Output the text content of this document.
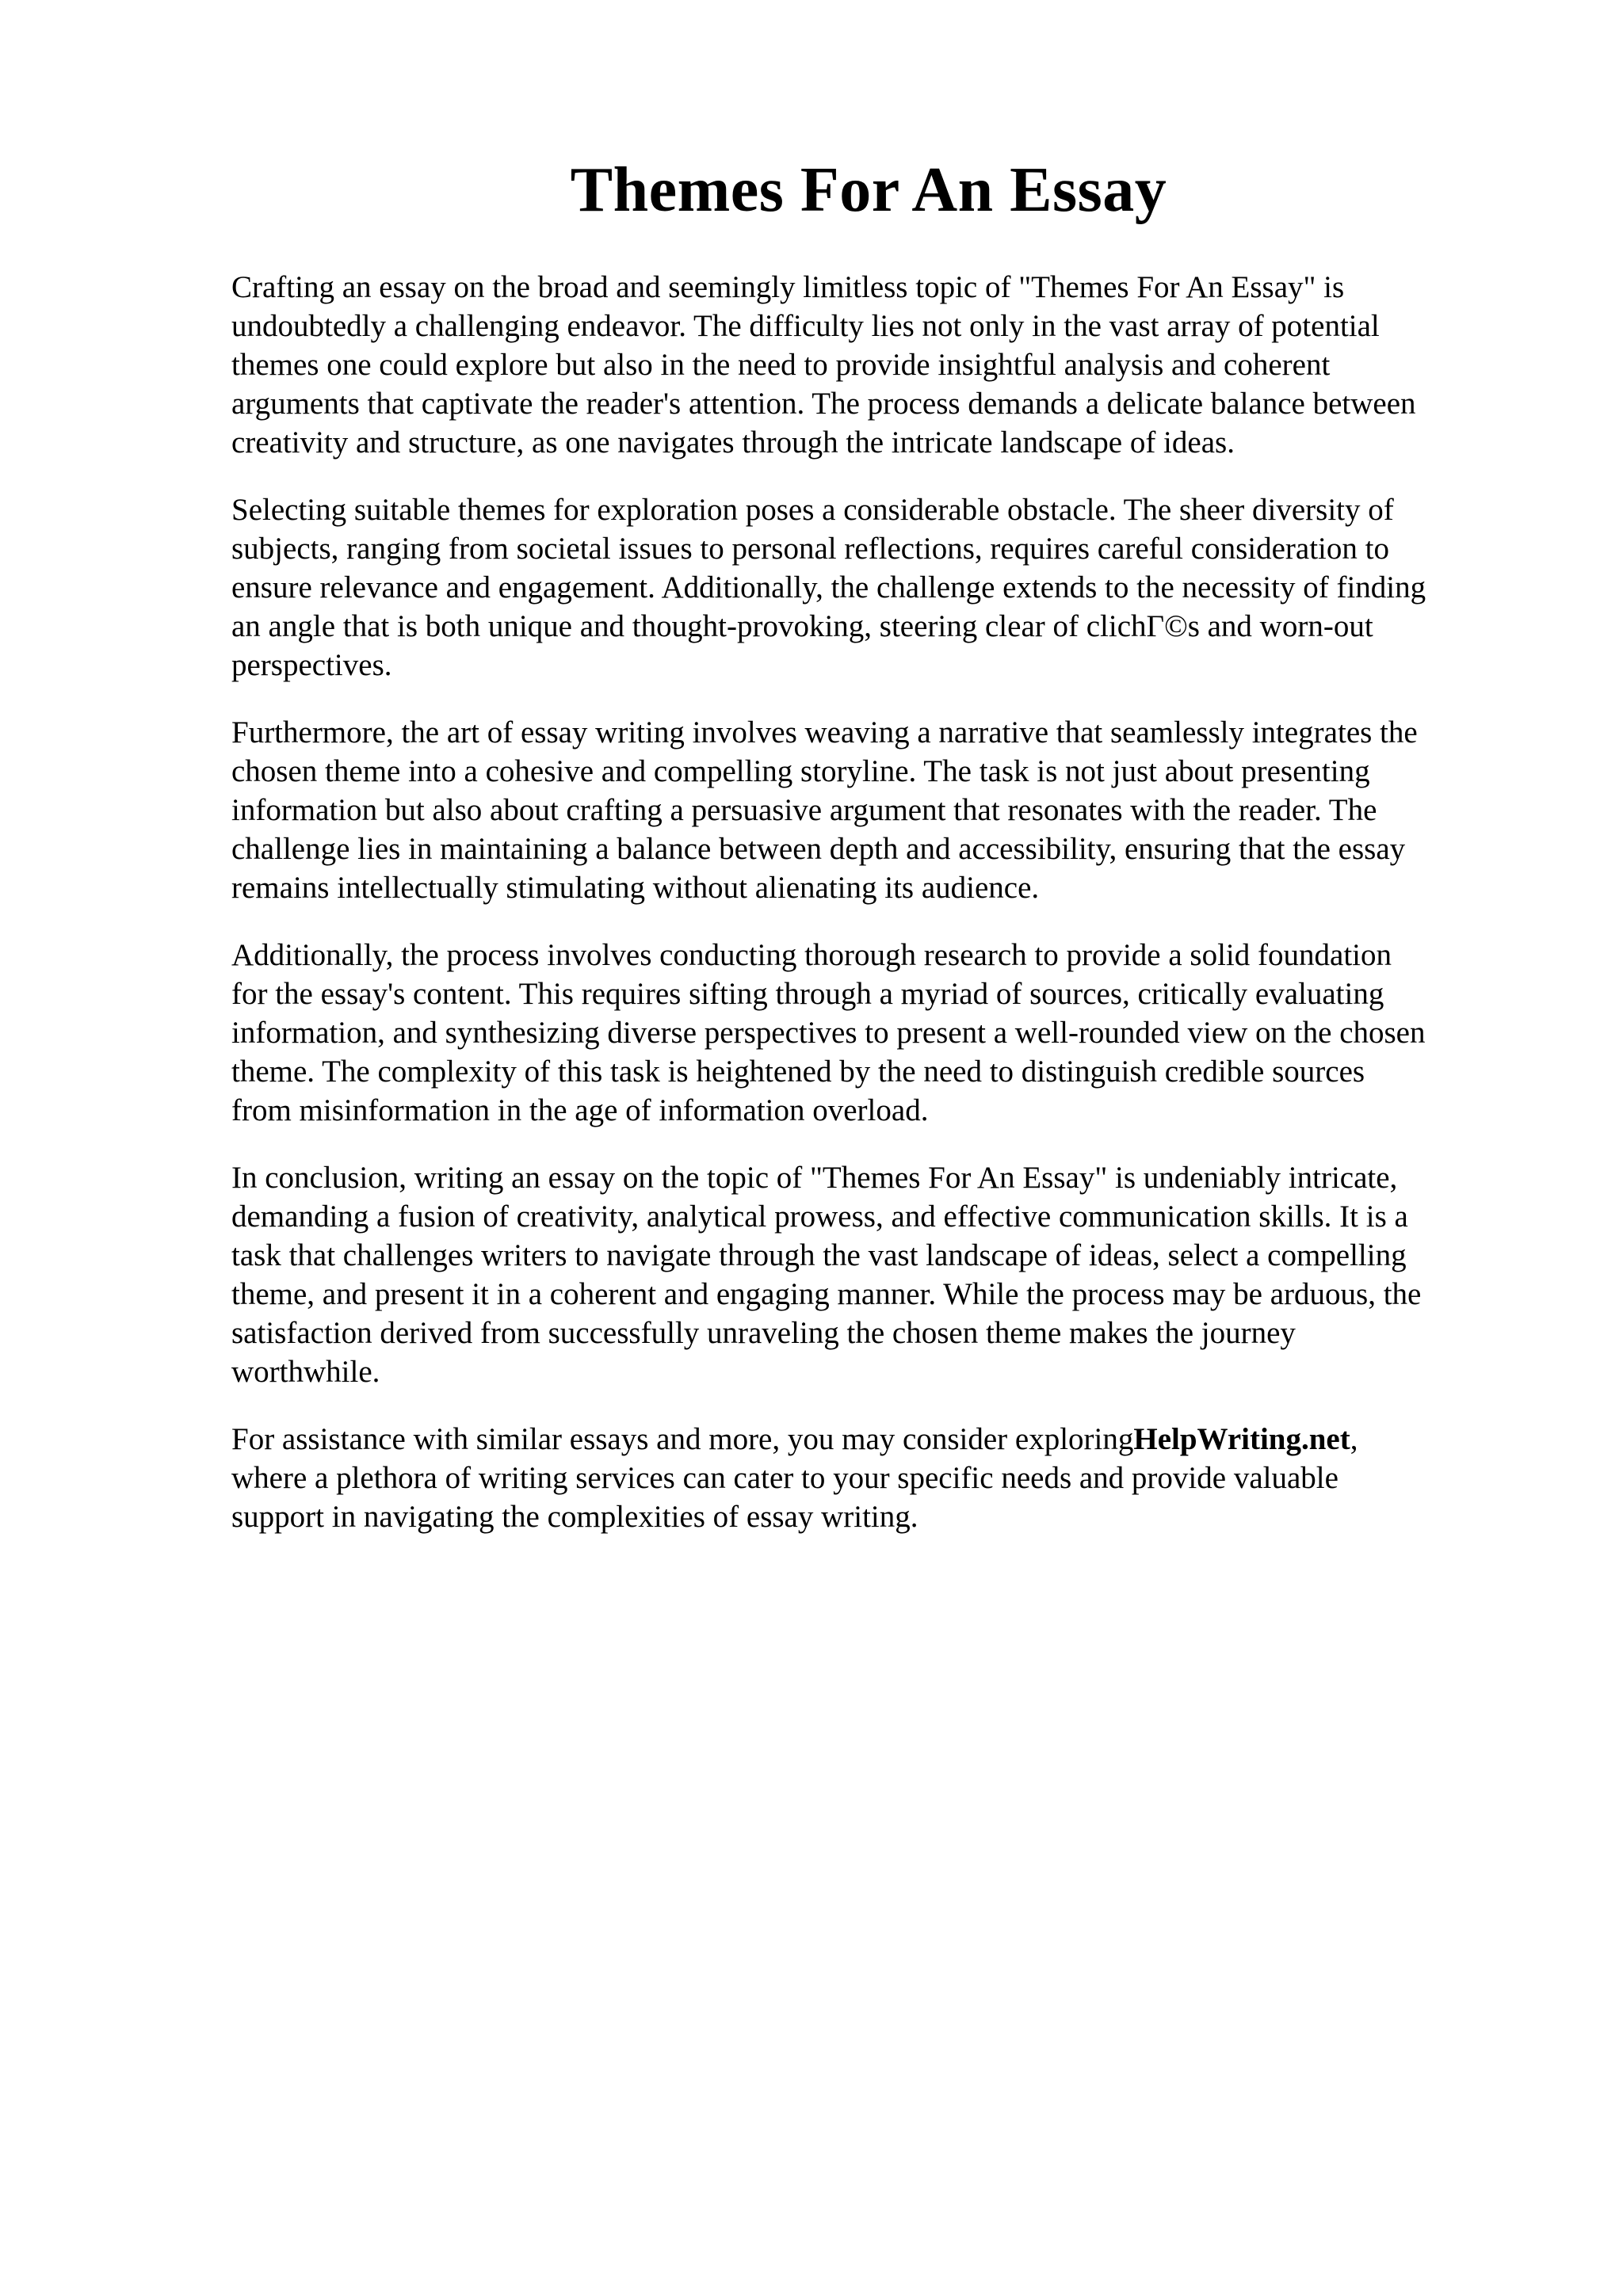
Themes For An Essay

Crafting an essay on the broad and seemingly limitless topic of "Themes For An Essay" is
undoubtedly a challenging endeavor. The difficulty lies not only in the vast array of potential
themes one could explore but also in the need to provide insightful analysis and coherent
arguments that captivate the reader's attention. The process demands a delicate balance between
creativity and structure, as one navigates through the intricate landscape of ideas.

Selecting suitable themes for exploration poses a considerable obstacle. The sheer diversity of
subjects, ranging from societal issues to personal reflections, requires careful consideration to
ensure relevance and engagement. Additionally, the challenge extends to the necessity of finding
an angle that is both unique and thought-provoking, steering clear of clichΓ©s and worn-out
perspectives.

Furthermore, the art of essay writing involves weaving a narrative that seamlessly integrates the
chosen theme into a cohesive and compelling storyline. The task is not just about presenting
information but also about crafting a persuasive argument that resonates with the reader. The
challenge lies in maintaining a balance between depth and accessibility, ensuring that the essay
remains intellectually stimulating without alienating its audience.

Additionally, the process involves conducting thorough research to provide a solid foundation
for the essay's content. This requires sifting through a myriad of sources, critically evaluating
information, and synthesizing diverse perspectives to present a well-rounded view on the chosen
theme. The complexity of this task is heightened by the need to distinguish credible sources
from misinformation in the age of information overload.

In conclusion, writing an essay on the topic of "Themes For An Essay" is undeniably intricate,
demanding a fusion of creativity, analytical prowess, and effective communication skills. It is a
task that challenges writers to navigate through the vast landscape of ideas, select a compelling
theme, and present it in a coherent and engaging manner. While the process may be arduous, the
satisfaction derived from successfully unraveling the chosen theme makes the journey
worthwhile.

For assistance with similar essays and more, you may consider exploringHelpWriting.net,
where a plethora of writing services can cater to your specific needs and provide valuable
support in navigating the complexities of essay writing.
